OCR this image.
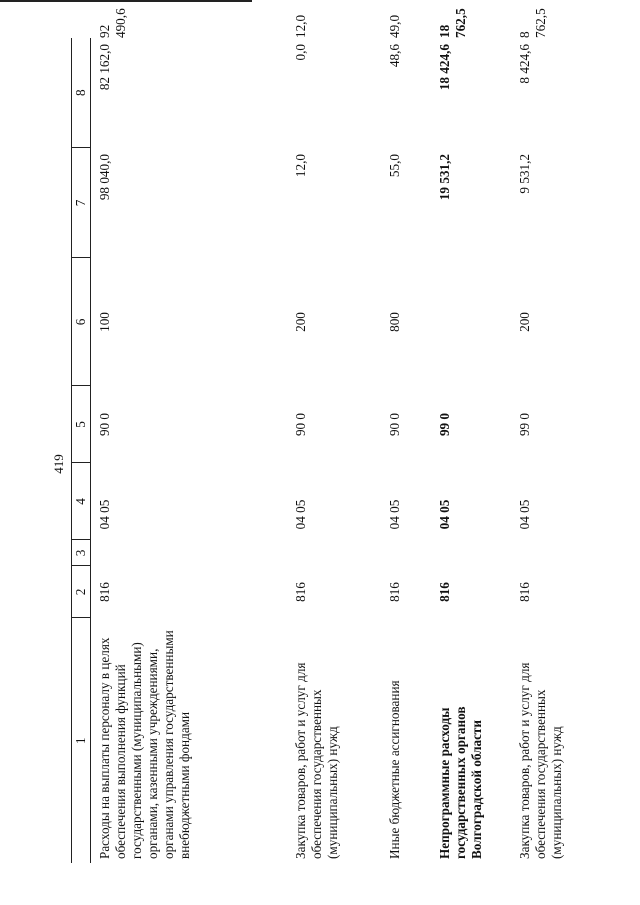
419
1	2	3	4	5	6	7	8	
Расходы на выплаты персоналу в целях обеспечения выполнения функций государственными (муниципальными) органами, казенными учреждениями, органами управления государственными внебюджетными фондами	816	04 05		90 0	100	98 040,0	82 162,0	92 490,6
Закупка товаров, работ и услуг для обеспечения государственных (муниципальных) нужд	816	04 05		90 0	200	12,0	0,0	12,0
Иные бюджетные ассигнования	816	04 05		90 0	800	55,0	48,6	49,0
Непрограммные расходы государственных органов Волгоградской области	816	04 05		99 0		19 531,2	18 424,6	18 762,5
Закупка товаров, работ и услуг для обеспечения государственных (муниципальных) нужд	816	04 05		99 0	200	9 531,2	8 424,6	8 762,5
